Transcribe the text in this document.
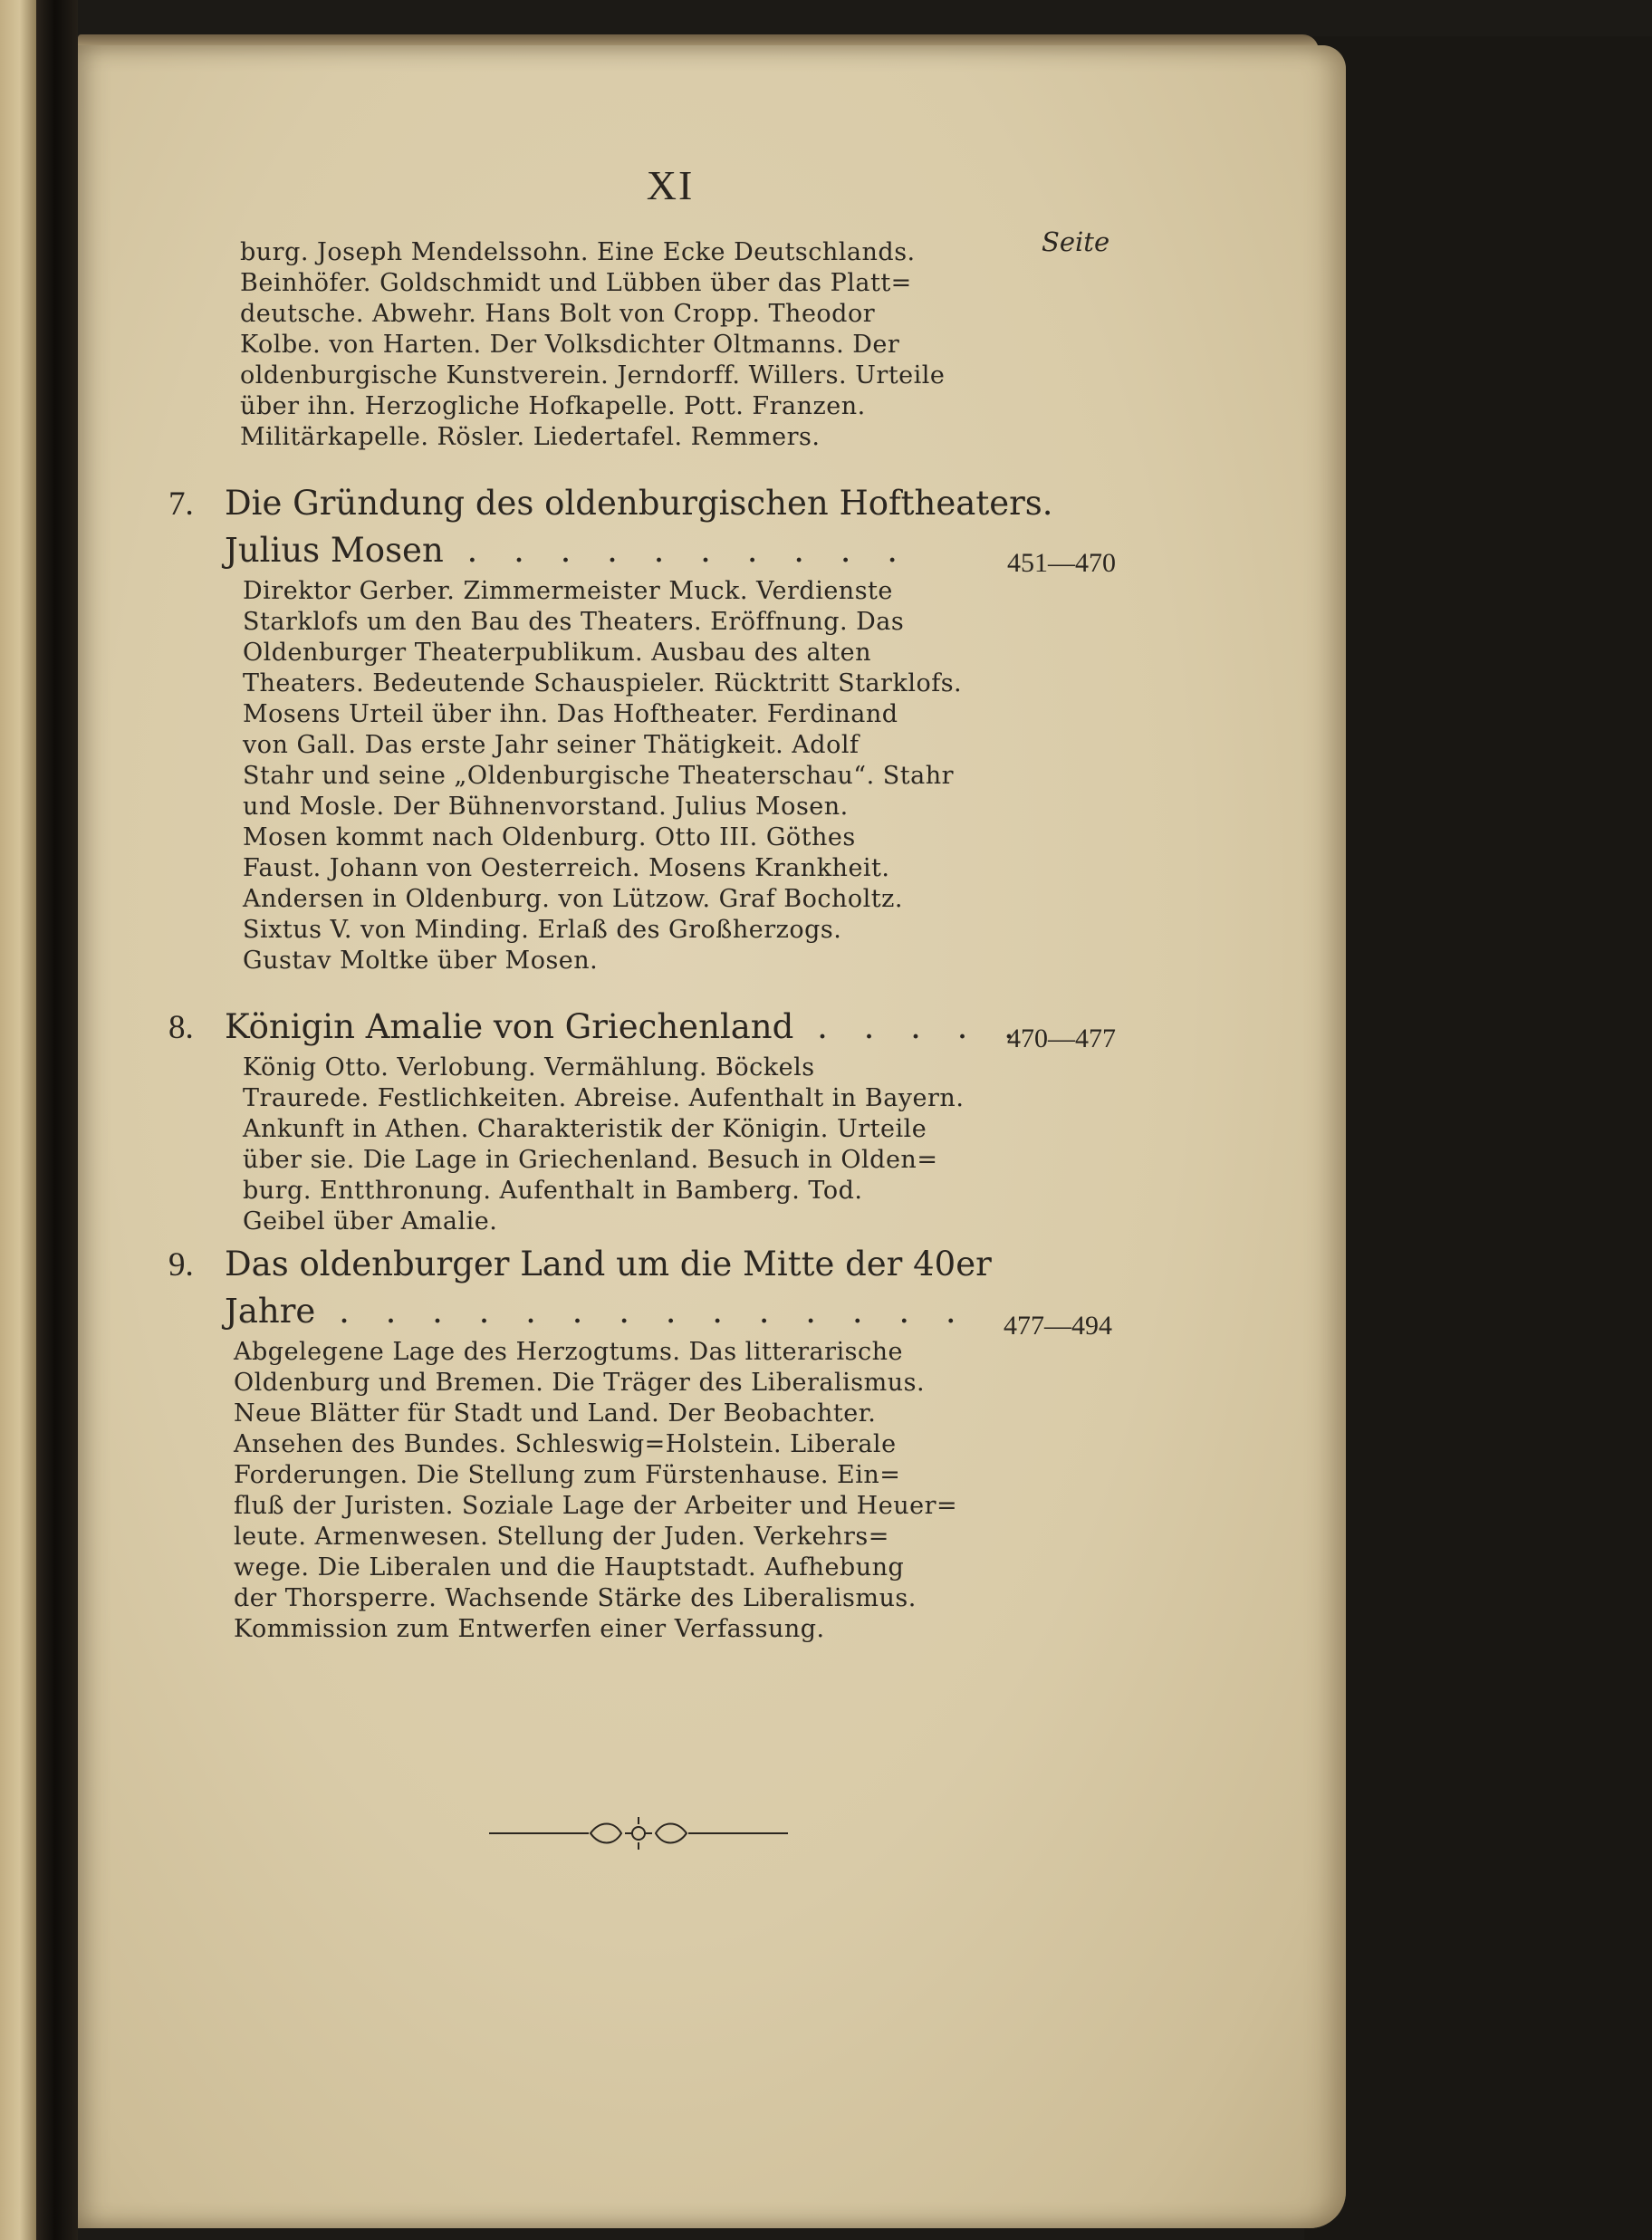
XI
Seite
burg. Joseph Mendelssohn. Eine Ecke Deutschlands.
Beinhöfer. Goldschmidt und Lübben über das Platt=
deutsche. Abwehr. Hans Bolt von Cropp. Theodor
Kolbe. von Harten. Der Volksdichter Oltmanns. Der
oldenburgische Kunstverein. Jerndorff. Willers. Urteile
über ihn. Herzogliche Hofkapelle. Pott. Franzen.
Militärkapelle. Rösler. Liedertafel. Remmers.
7. Die Gründung des oldenburgischen Hoftheaters.
Julius Mosen . . . . . . . . . .	451—470
Direktor Gerber. Zimmermeister Muck. Verdienste
Starklofs um den Bau des Theaters. Eröffnung. Das
Oldenburger Theaterpublikum. Ausbau des alten
Theaters. Bedeutende Schauspieler. Rücktritt Starklofs.
Mosens Urteil über ihn. Das Hoftheater. Ferdinand
von Gall. Das erste Jahr seiner Thätigkeit. Adolf
Stahr und seine „Oldenburgische Theaterschau“. Stahr
und Mosle. Der Bühnenvorstand. Julius Mosen.
Mosen kommt nach Oldenburg. Otto III. Göthes
Faust. Johann von Oesterreich. Mosens Krankheit.
Andersen in Oldenburg. von Lützow. Graf Bocholtz.
Sixtus V. von Minding. Erlaß des Großherzogs.
Gustav Moltke über Mosen.
8. Königin Amalie von Griechenland . . . . .
470—477
König Otto. Verlobung. Vermählung. Böckels
Traurede. Festlichkeiten. Abreise. Aufenthalt in Bayern.
Ankunft in Athen. Charakteristik der Königin. Urteile
über sie. Die Lage in Griechenland. Besuch in Olden=
burg. Entthronung. Aufenthalt in Bamberg. Tod.
Geibel über Amalie.
9. Das oldenburger Land um die Mitte der 40er
Jahre . . . . . . . . . . . . . .	477—494
Abgelegene Lage des Herzogtums. Das litterarische
Oldenburg und Bremen. Die Träger des Liberalismus.
Neue Blätter für Stadt und Land. Der Beobachter.
Ansehen des Bundes. Schleswig=Holstein. Liberale
Forderungen. Die Stellung zum Fürstenhause. Ein=
fluß der Juristen. Soziale Lage der Arbeiter und Heuer=
leute. Armenwesen. Stellung der Juden. Verkehrs=
wege. Die Liberalen und die Hauptstadt. Aufhebung
der Thorsperre. Wachsende Stärke des Liberalismus.
Kommission zum Entwerfen einer Verfassung.
